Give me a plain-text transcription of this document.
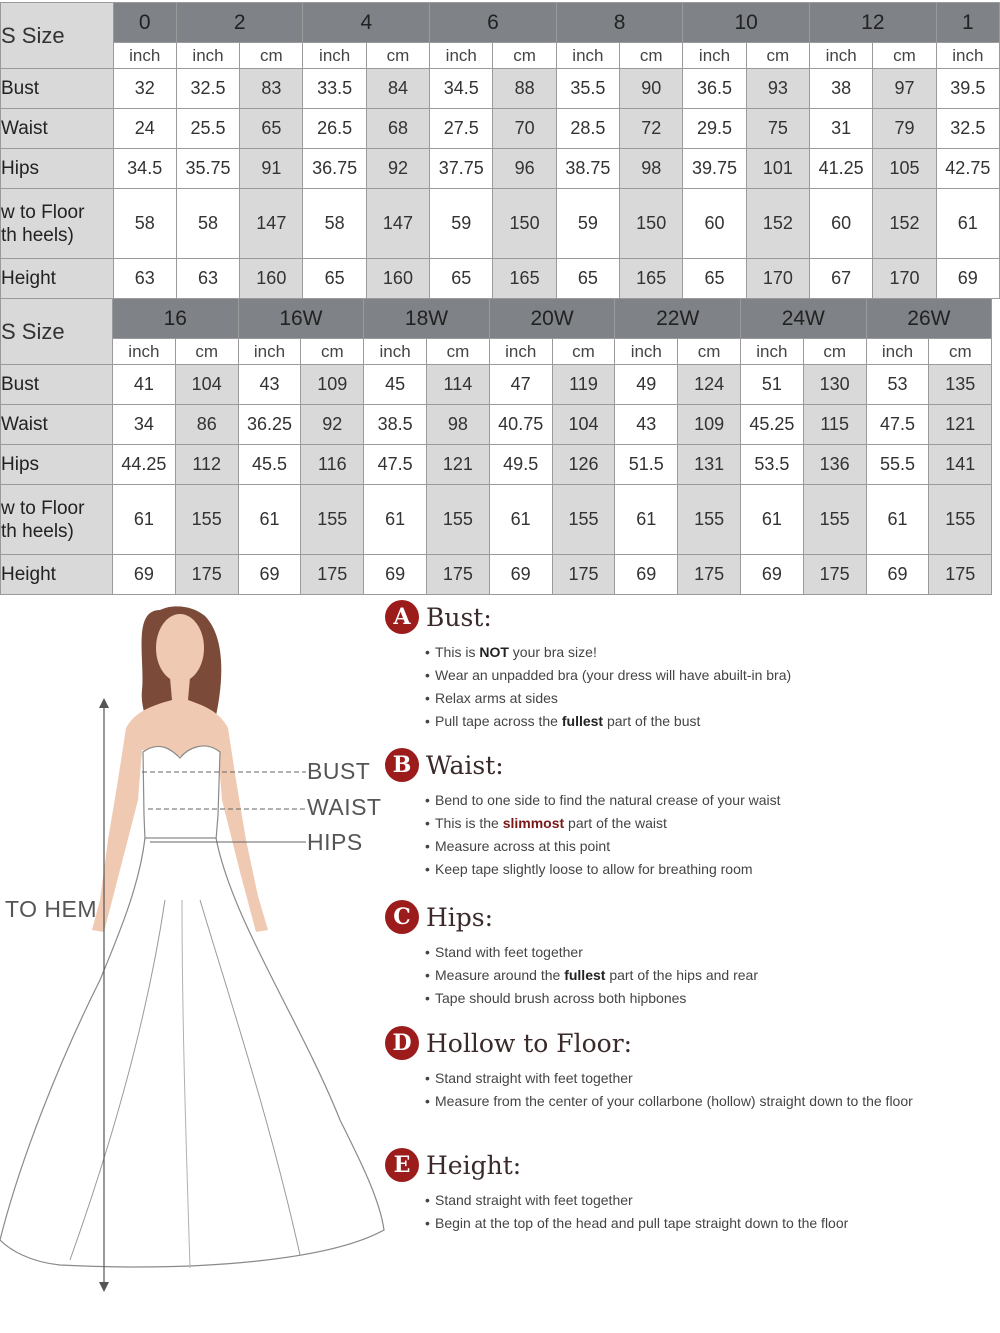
S Size	0	2		4		6		8		10		12		1
	inch	inch	cm	inch	cm	inch	cm	inch	cm	inch	cm	inch	cm	inch
Bust	32	32.5	83	33.5	84	34.5	88	35.5	90	36.5	93	38	97	39.5
Waist	24	25.5	65	26.5	68	27.5	70	28.5	72	29.5	75	31	79	32.5
Hips	34.5	35.75	91	36.75	92	37.75	96	38.75	98	39.75	101	41.25	105	42.75
w to Floor
th heels)	58	58	147	58	147	59	150	59	150	60	152	60	152	61
Height	63	63	160	65	160	65	165	65	165	65	170	67	170	69
S Size	16		16W		18W		20W		22W		24W		26W	
	inch	cm	inch	cm	inch	cm	inch	cm	inch	cm	inch	cm	inch	cm
Bust	41	104	43	109	45	114	47	119	49	124	51	130	53	135
Waist	34	86	36.25	92	38.5	98	40.75	104	43	109	45.25	115	47.5	121
Hips	44.25	112	45.5	116	47.5	121	49.5	126	51.5	131	53.5	136	55.5	141
w to Floor
th heels)	61	155	61	155	61	155	61	155	61	155	61	155	61	155
Height	69	175	69	175	69	175	69	175	69	175	69	175	69	175
BUST
WAIST
HIPS
TO HEM
A Bust:
• This is NOT your bra size!
• Wear an unpadded bra (your dress will have abuilt-in bra)
• Relax arms at sides
• Pull tape across the fullest part of the bust
B Waist:
• Bend to one side to find the natural crease of your waist
• This is the slimmost part of the waist
• Measure across at this point
• Keep tape slightly loose to allow for breathing room
C Hips:
• Stand with feet together
• Measure around the fullest part of the hips and rear
• Tape should brush across both hipbones
D Hollow to Floor:
• Stand straight with feet together
• Measure from the center of your collarbone (hollow) straight down to the floor
E Height:
• Stand straight with feet together
• Begin at the top of the head and pull tape straight down to the floor
